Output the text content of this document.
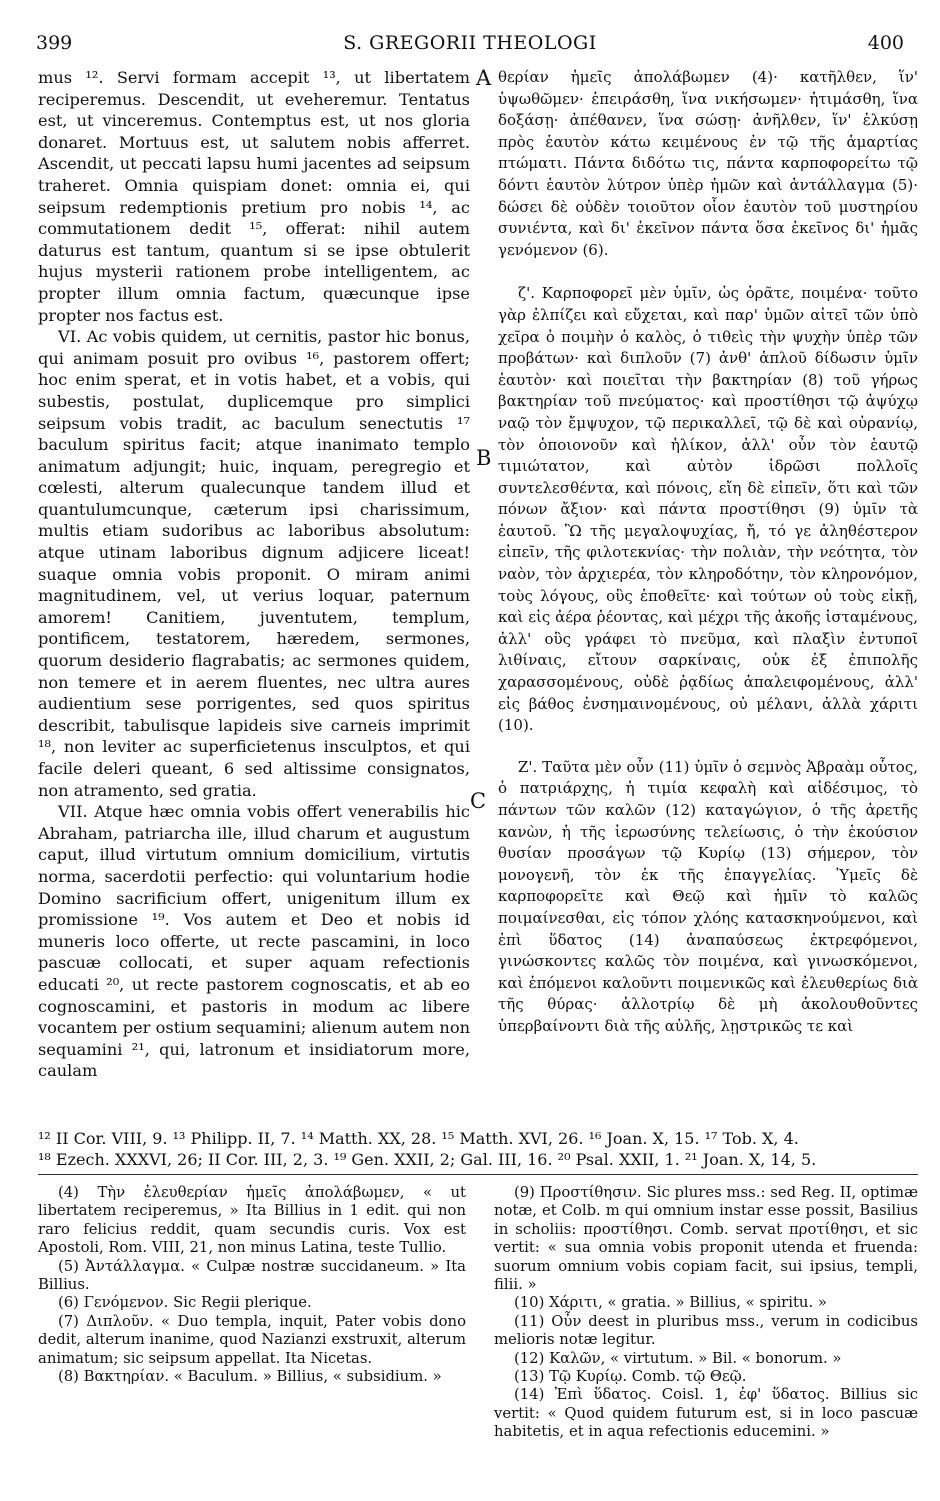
399	S. GREGORII THEOLOGI	400

mus ¹². Servi formam accepit ¹³, ut libertatem reciperemus. Descendit, ut eveheremur. Tentatus est, ut vinceremus. Contemptus est, ut nos gloria donaret. Mortuus est, ut salutem nobis afferret. Ascendit, ut peccati lapsu humi jacentes ad seipsum traheret. Omnia quispiam donet: omnia ei, qui seipsum redemptionis pretium pro nobis ¹⁴, ac commutationem dedit ¹⁵, offerat: nihil autem daturus est tantum, quantum si se ipse obtulerit hujus mysterii rationem probe intelligentem, ac propter illum omnia factum, quæcunque ipse propter nos factus est.

VI. Ac vobis quidem, ut cernitis, pastor hic bonus, qui animam posuit pro ovibus ¹⁶, pastorem offert; hoc enim sperat, et in votis habet, et a vobis, qui subestis, postulat, duplicemque pro simplici seipsum vobis tradit, ac baculum senectutis ¹⁷ baculum spiritus facit; atque inanimato templo animatum adjungit; huic, inquam, peregregio et cœlesti, alterum qualecunque tandem illud et quantulumcunque, cæterum ipsi charissimum, multis etiam sudoribus ac laboribus absolutum: atque utinam laboribus dignum adjicere liceat! suaque omnia vobis proponit. O miram animi magnitudinem, vel, ut verius loquar, paternum amorem! Canitiem, juventutem, templum, pontificem, testatorem, hæredem, sermones, quorum desiderio flagrabatis; ac sermones quidem, non temere et in aerem fluentes, nec ultra aures audientium sese porrigentes, sed quos spiritus describit, tabulisque lapideis sive carneis imprimit ¹⁸, non leviter ac superficietenus insculptos, et qui facile deleri queant, 6 sed altissime consignatos, non atramento, sed gratia.

VII. Atque hæc omnia vobis offert venerabilis hic Abraham, patriarcha ille, illud charum et augustum caput, illud virtutum omnium domicilium, virtutis norma, sacerdotii perfectio: qui voluntarium hodie Domino sacrificium offert, unigenitum illum ex promissione ¹⁹. Vos autem et Deo et nobis id muneris loco offerte, ut recte pascamini, in loco pascuæ collocati, et super aquam refectionis educati ²⁰, ut recte pastorem cognoscatis, et ab eo cognoscamini, et pastoris in modum ac libere vocantem per ostium sequamini; alienum autem non sequamini ²¹, qui, latronum et insidiatorum more, caulam

A
B
C

θερίαν ἡμεῖς ἀπολάβωμεν (4)· κατῆλθεν, ἵν' ὑψωθῶμεν· ἐπειράσθη, ἵνα νικήσωμεν· ἠτιμάσθη, ἵνα δοξάσῃ· ἀπέθανεν, ἵνα σώσῃ· ἀνῆλθεν, ἵν' ἑλκύσῃ πρὸς ἑαυτὸν κάτω κειμένους ἐν τῷ τῆς ἁμαρτίας πτώματι. Πάντα διδότω τις, πάντα καρποφορείτω τῷ δόντι ἑαυτὸν λύτρον ὑπὲρ ἡμῶν καὶ ἀντάλλαγμα (5)· δώσει δὲ οὐδὲν τοιοῦτον οἷον ἑαυτὸν τοῦ μυστηρίου συνιέντα, καὶ δι' ἐκεῖνον πάντα ὅσα ἐκεῖνος δι' ἡμᾶς γενόμενον (6).

ζ'. Καρποφορεῖ μὲν ὑμῖν, ὡς ὁρᾶτε, ποιμένα· τοῦτο γὰρ ἐλπίζει καὶ εὔχεται, καὶ παρ' ὑμῶν αἰτεῖ τῶν ὑπὸ χεῖρα ὁ ποιμὴν ὁ καλὸς, ὁ τιθεὶς τὴν ψυχὴν ὑπὲρ τῶν προβάτων· καὶ διπλοῦν (7) ἀνθ' ἁπλοῦ δίδωσιν ὑμῖν ἑαυτὸν· καὶ ποιεῖται τὴν βακτηρίαν (8) τοῦ γήρως βακτηρίαν τοῦ πνεύματος· καὶ προστίθησι τῷ ἀψύχῳ ναῷ τὸν ἔμψυχον, τῷ περικαλλεῖ, τῷ δὲ καὶ οὐρανίῳ, τὸν ὁποιονοῦν καὶ ἡλίκον, ἀλλ' οὖν τὸν ἑαυτῷ τιμιώτατον, καὶ αὐτὸν ἱδρῶσι πολλοῖς συντελεσθέντα, καὶ πόνοις, εἴη δὲ εἰπεῖν, ὅτι καὶ τῶν πόνων ἄξιον· καὶ πάντα προστίθησι (9) ὑμῖν τὰ ἑαυτοῦ. Ὢ τῆς μεγαλοψυχίας, ἤ, τό γε ἀληθέστερον εἰπεῖν, τῆς φιλοτεκνίας· τὴν πολιὰν, τὴν νεότητα, τὸν ναὸν, τὸν ἀρχιερέα, τὸν κληροδότην, τὸν κληρονόμον, τοὺς λόγους, οὓς ἐποθεῖτε· καὶ τούτων οὐ τοὺς εἰκῇ, καὶ εἰς ἀέρα ῥέοντας, καὶ μέχρι τῆς ἀκοῆς ἱσταμένους, ἀλλ' οὓς γράφει τὸ πνεῦμα, καὶ πλαξὶν ἐντυποῖ λιθίναις, εἴτουν σαρκίναις, οὐκ ἐξ ἐπιπολῆς χαρασσομένους, οὐδὲ ῥᾳδίως ἀπαλειφομένους, ἀλλ' εἰς βάθος ἐνσημαινομένους, οὐ μέλανι, ἀλλὰ χάριτι (10).

Ζ'. Ταῦτα μὲν οὖν (11) ὑμῖν ὁ σεμνὸς Ἀβραὰμ οὗτος, ὁ πατριάρχης, ἡ τιμία κεφαλὴ καὶ αἰδέσιμος, τὸ πάντων τῶν καλῶν (12) καταγώγιον, ὁ τῆς ἀρετῆς κανὼν, ἡ τῆς ἱερωσύνης τελείωσις, ὁ τὴν ἑκούσιον θυσίαν προσάγων τῷ Κυρίῳ (13) σήμερον, τὸν μονογενῆ, τὸν ἐκ τῆς ἐπαγγελίας. Ὑμεῖς δὲ καρποφορεῖτε καὶ Θεῷ καὶ ἡμῖν τὸ καλῶς ποιμαίνεσθαι, εἰς τόπον χλόης κατασκηνούμενοι, καὶ ἐπὶ ὕδατος (14) ἀναπαύσεως ἐκτρεφόμενοι, γινώσκοντες καλῶς τὸν ποιμένα, καὶ γινωσκόμενοι, καὶ ἑπόμενοι καλοῦντι ποιμενικῶς καὶ ἐλευθερίως διὰ τῆς θύρας· ἀλλοτρίῳ δὲ μὴ ἀκολουθοῦντες ὑπερβαίνοντι διὰ τῆς αὐλῆς, λῃστρικῶς τε καὶ

¹² II Cor. VIII, 9. ¹³ Philipp. II, 7. ¹⁴ Matth. XX, 28. ¹⁵ Matth. XVI, 26. ¹⁶ Joan. X, 15. ¹⁷ Tob. X, 4.
¹⁸ Ezech. XXXVI, 26; II Cor. III, 2, 3. ¹⁹ Gen. XXII, 2; Gal. III, 16. ²⁰ Psal. XXII, 1. ²¹ Joan. X, 14, 5.

(4) Τὴν ἐλευθερίαν ἡμεῖς ἀπολάβωμεν, « ut libertatem reciperemus, » Ita Billius in 1 edit. qui non raro felicius reddit, quam secundis curis. Vox est Apostoli, Rom. VIII, 21, non minus Latina, teste Tullio.

(5) Ἀντάλλαγμα. « Culpæ nostræ succidaneum. » Ita Billius.

(6) Γενόμενον. Sic Regii plerique.

(7) Διπλοῦν. « Duo templa, inquit, Pater vobis dono dedit, alterum inanime, quod Nazianzi exstruxit, alterum animatum; sic seipsum appellat. Ita Nicetas.

(8) Βακτηρίαν. « Baculum. » Billius, « subsidium. »

(9) Προστίθησιν. Sic plures mss.: sed Reg. II, optimæ notæ, et Colb. m qui omnium instar esse possit, Basilius in scholiis: προστίθησι. Comb. servat προτίθησι, et sic vertit: « sua omnia vobis proponit utenda et fruenda: suorum omnium vobis copiam facit, sui ipsius, templi, filii. »

(10) Χάριτι, « gratia. » Billius, « spiritu. »

(11) Οὖν deest in pluribus mss., verum in codicibus melioris notæ legitur.

(12) Καλῶν, « virtutum. » Bil. « bonorum. »

(13) Τῷ Κυρίῳ. Comb. τῷ Θεῷ.

(14) Ἐπὶ ὕδατος. Coisl. 1, ἐφ' ὕδατος. Billius sic vertit: « Quod quidem futurum est, si in loco pascuæ habitetis, et in aqua refectionis educemini. »
